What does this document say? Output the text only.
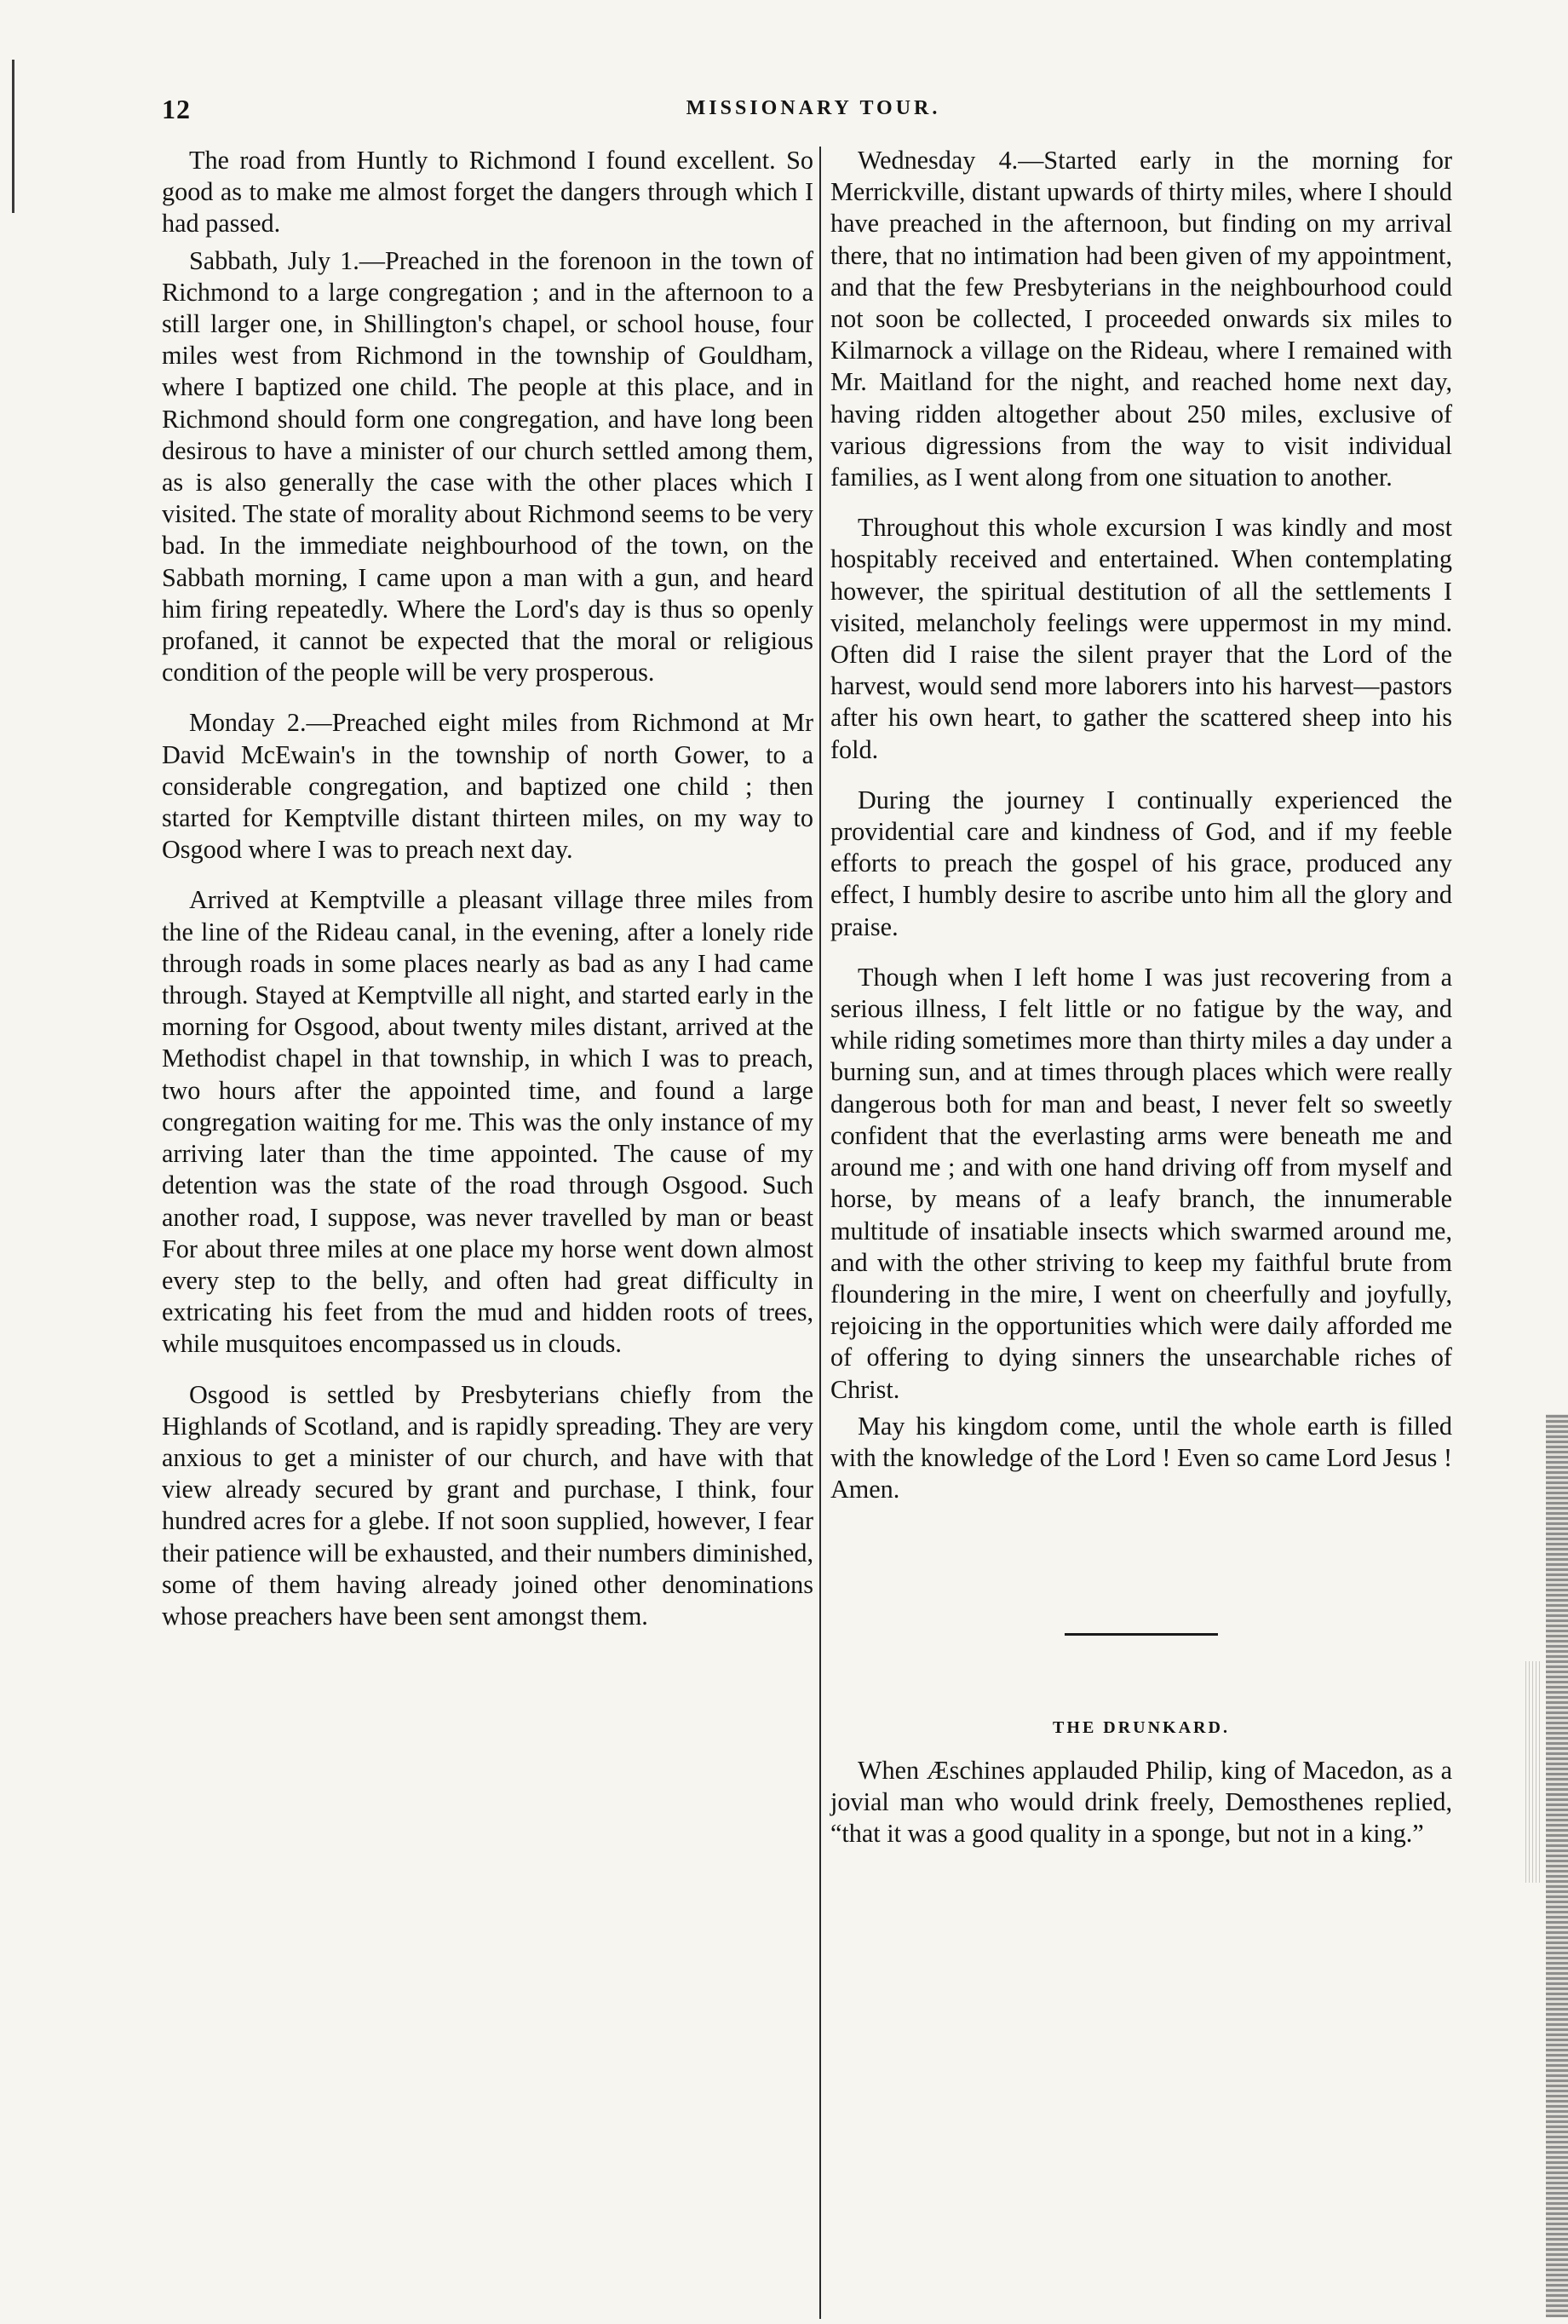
12	MISSIONARY TOUR.

The road from Huntly to Richmond I found excellent. So good as to make me almost forget the dangers through which I had passed.

Sabbath, July 1.—Preached in the forenoon in the town of Richmond to a large congregation ; and in the afternoon to a still larger one, in Shillington's chapel, or school house, four miles west from Richmond in the township of Gouldham, where I baptized one child. The people at this place, and in Richmond should form one congregation, and have long been desirous to have a minister of our church settled among them, as is also generally the case with the other places which I visited. The state of morality about Richmond seems to be very bad. In the immediate neighbourhood of the town, on the Sabbath morning, I came upon a man with a gun, and heard him firing repeatedly. Where the Lord's day is thus so openly profaned, it cannot be expected that the moral or religious condition of the people will be very prosperous.

Monday 2.—Preached eight miles from Richmond at Mr David McEwain's in the township of north Gower, to a considerable congregation, and baptized one child ; then started for Kemptville distant thirteen miles, on my way to Osgood where I was to preach next day.

Arrived at Kemptville a pleasant village three miles from the line of the Rideau canal, in the evening, after a lonely ride through roads in some places nearly as bad as any I had came through. Stayed at Kemptville all night, and started early in the morning for Osgood, about twenty miles distant, arrived at the Methodist chapel in that township, in which I was to preach, two hours after the appointed time, and found a large congregation waiting for me. This was the only instance of my arriving later than the time appointed. The cause of my detention was the state of the road through Osgood. Such another road, I suppose, was never travelled by man or beast For about three miles at one place my horse went down almost every step to the belly, and often had great difficulty in extricating his feet from the mud and hidden roots of trees, while musquitoes encompassed us in clouds.

Osgood is settled by Presbyterians chiefly from the Highlands of Scotland, and is rapidly spreading. They are very anxious to get a minister of our church, and have with that view already secured by grant and purchase, I think, four hundred acres for a glebe. If not soon supplied, however, I fear their patience will be exhausted, and their numbers diminished, some of them having already joined other denominations whose preachers have been sent amongst them.

Wednesday 4.—Started early in the morning for Merrickville, distant upwards of thirty miles, where I should have preached in the afternoon, but finding on my arrival there, that no intimation had been given of my appointment, and that the few Presbyterians in the neighbourhood could not soon be collected, I proceeded onwards six miles to Kilmarnock a village on the Rideau, where I remained with Mr. Maitland for the night, and reached home next day, having ridden altogether about 250 miles, exclusive of various digressions from the way to visit individual families, as I went along from one situation to another.

Throughout this whole excursion I was kindly and most hospitably received and entertained. When contemplating however, the spiritual destitution of all the settlements I visited, melancholy feelings were uppermost in my mind. Often did I raise the silent prayer that the Lord of the harvest, would send more laborers into his harvest—pastors after his own heart, to gather the scattered sheep into his fold.

During the journey I continually experienced the providential care and kindness of God, and if my feeble efforts to preach the gospel of his grace, produced any effect, I humbly desire to ascribe unto him all the glory and praise.

Though when I left home I was just recovering from a serious illness, I felt little or no fatigue by the way, and while riding sometimes more than thirty miles a day under a burning sun, and at times through places which were really dangerous both for man and beast, I never felt so sweetly confident that the everlasting arms were beneath me and around me ; and with one hand driving off from myself and horse, by means of a leafy branch, the innumerable multitude of insatiable insects which swarmed around me, and with the other striving to keep my faithful brute from floundering in the mire, I went on cheerfully and joyfully, rejoicing in the opportunities which were daily afforded me of offering to dying sinners the unsearchable riches of Christ.

May his kingdom come, until the whole earth is filled with the knowledge of the Lord ! Even so came Lord Jesus ! Amen.

THE DRUNKARD.

When Æschines applauded Philip, king of Macedon, as a jovial man who would drink freely, Demosthenes replied, “that it was a good quality in a sponge, but not in a king.”
